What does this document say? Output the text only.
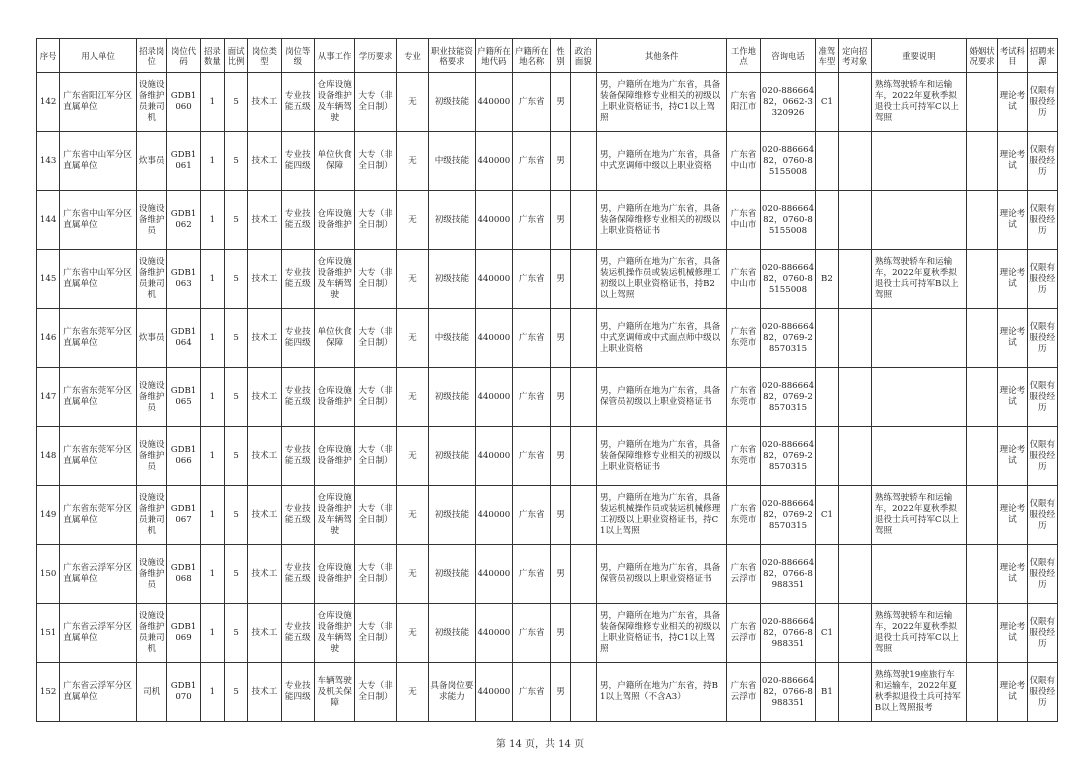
序号	用人单位	招录岗位	岗位代码	招录数量	面试比例	岗位类型	岗位等级	从事工作	学历要求	专业	职业技能资格要求	户籍所在地代码	户籍所在地名称	性别	政治面貌	其他条件	工作地点	咨询电话	准驾车型	定向招考对象	重要说明	婚姻状况要求	考试科目	招聘来源
142	广东省阳江军分区直属单位	设施设备维护员兼司机	GDB1060	1	5	技术工	专业技能五级	仓库设施设备维护及车辆驾驶	大专（非全日制）	无	初级技能	440000	广东省	男		男，户籍所在地为广东省，具备装备保障维修专业相关的初级以上职业资格证书，持C1以上驾照	广东省阳江市	020-88666482，0662-3320926	C1		熟练驾驶轿车和运输车，2022年夏秋季拟退役士兵可持军C以上驾照		理论考试	仅限有服役经历
143	广东省中山军分区直属单位	炊事员	GDB1061	1	5	技术工	专业技能四级	单位伙食保障	大专（非全日制）	无	中级技能	440000	广东省	男		男，户籍所在地为广东省，具备中式烹调师中级以上职业资格	广东省中山市	020-88666482，0760-85155008					理论考试	仅限有服役经历
144	广东省中山军分区直属单位	设施设备维护员	GDB1062	1	5	技术工	专业技能五级	仓库设施设备维护	大专（非全日制）	无	初级技能	440000	广东省	男		男，户籍所在地为广东省，具备装备保障维修专业相关的初级以上职业资格证书	广东省中山市	020-88666482，0760-85155008					理论考试	仅限有服役经历
145	广东省中山军分区直属单位	设施设备维护员兼司机	GDB1063	1	5	技术工	专业技能五级	仓库设施设备维护及车辆驾驶	大专（非全日制）	无	初级技能	440000	广东省	男		男，户籍所在地为广东省，具备装运机操作员或装运机械修理工初级以上职业资格证书，持B2以上驾照	广东省中山市	020-88666482，0760-85155008	B2		熟练驾驶轿车和运输车，2022年夏秋季拟退役士兵可持军B以上驾照		理论考试	仅限有服役经历
146	广东省东莞军分区直属单位	炊事员	GDB1064	1	5	技术工	专业技能四级	单位伙食保障	大专（非全日制）	无	中级技能	440000	广东省	男		男，户籍所在地为广东省，具备中式烹调师或中式面点师中级以上职业资格	广东省东莞市	020-88666482，0769-28570315					理论考试	仅限有服役经历
147	广东省东莞军分区直属单位	设施设备维护员	GDB1065	1	5	技术工	专业技能五级	仓库设施设备维护	大专（非全日制）	无	初级技能	440000	广东省	男		男，户籍所在地为广东省，具备保管员初级以上职业资格证书	广东省东莞市	020-88666482，0769-28570315					理论考试	仅限有服役经历
148	广东省东莞军分区直属单位	设施设备维护员	GDB1066	1	5	技术工	专业技能五级	仓库设施设备维护	大专（非全日制）	无	初级技能	440000	广东省	男		男，户籍所在地为广东省，具备装备保障维修专业相关的初级以上职业资格证书	广东省东莞市	020-88666482，0769-28570315					理论考试	仅限有服役经历
149	广东省东莞军分区直属单位	设施设备维护员兼司机	GDB1067	1	5	技术工	专业技能五级	仓库设施设备维护及车辆驾驶	大专（非全日制）	无	初级技能	440000	广东省	男		男，户籍所在地为广东省，具备装运机械操作员或装运机械修理工初级以上职业资格证书，持C1以上驾照	广东省东莞市	020-88666482，0769-28570315	C1		熟练驾驶轿车和运输车，2022年夏秋季拟退役士兵可持军C以上驾照		理论考试	仅限有服役经历
150	广东省云浮军分区直属单位	设施设备维护员	GDB1068	1	5	技术工	专业技能五级	仓库设施设备维护	大专（非全日制）	无	初级技能	440000	广东省	男		男，户籍所在地为广东省，具备保管员初级以上职业资格证书	广东省云浮市	020-88666482，0766-8988351					理论考试	仅限有服役经历
151	广东省云浮军分区直属单位	设施设备维护员兼司机	GDB1069	1	5	技术工	专业技能五级	仓库设施设备维护及车辆驾驶	大专（非全日制）	无	初级技能	440000	广东省	男		男，户籍所在地为广东省，具备装备保障维修专业相关的初级以上职业资格证书，持C1以上驾照	广东省云浮市	020-88666482，0766-8988351	C1		熟练驾驶轿车和运输车，2022年夏秋季拟退役士兵可持军C以上驾照		理论考试	仅限有服役经历
152	广东省云浮军分区直属单位	司机	GDB1070	1	5	技术工	专业技能四级	车辆驾驶及机关保障	大专（非全日制）	无	具备岗位要求能力	440000	广东省	男		男，户籍所在地为广东省，持B1以上驾照（不含A3）	广东省云浮市	020-88666482，0766-8988351	B1		熟练驾驶19座旅行车和运输车，2022年夏秋季拟退役士兵可持军B以上驾照报考		理论考试	仅限有服役经历
第 14 页，共 14 页
